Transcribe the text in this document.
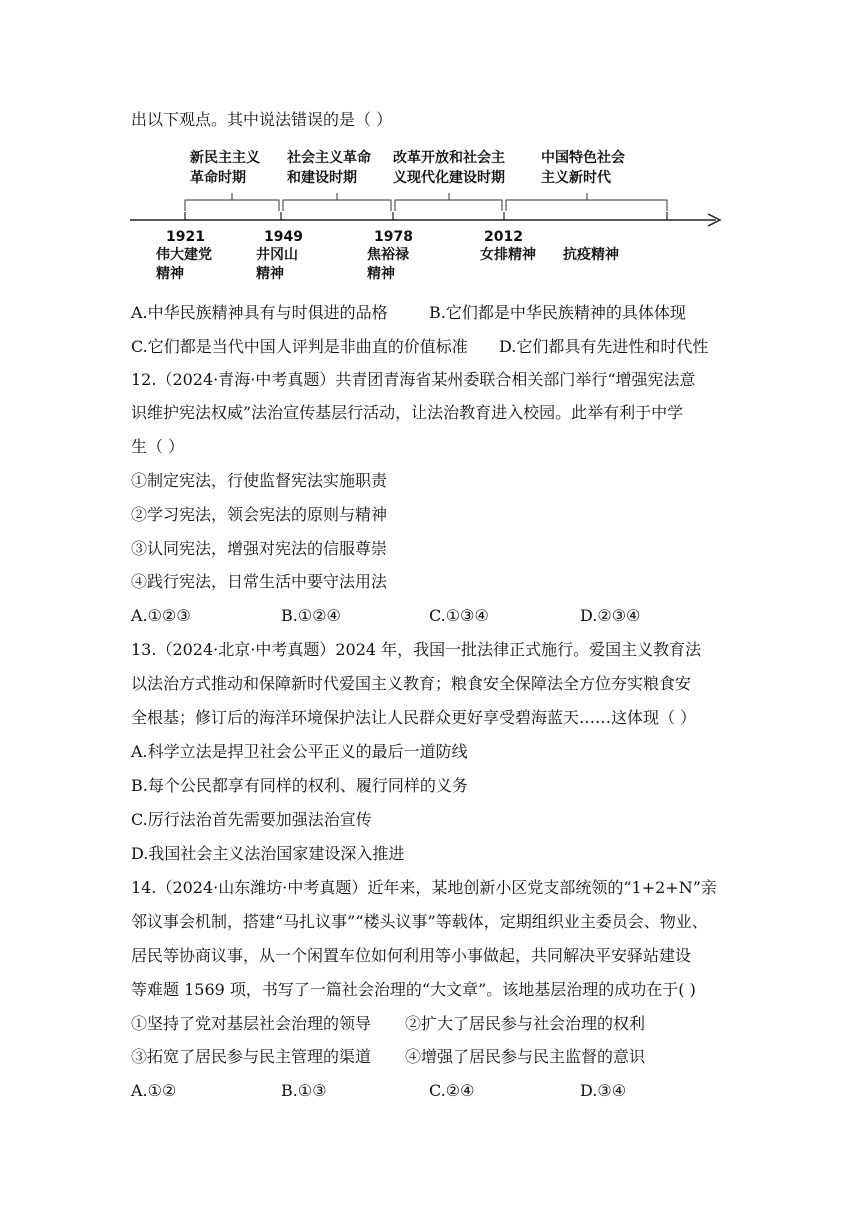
出以下观点。其中说法错误的是（ ）
新民主主义
革命时期
社会主义革命
和建设时期
改革开放和社会主
义现代化建设时期
中国特色社会
主义新时代
1921	1949	1978	2012
伟大建党
精神
井冈山
精神
焦裕禄
精神
女排精神 抗疫精神
A.中华民族精神具有与时俱进的品格	B.它们都是中华民族精神的具体体现
C.它们都是当代中国人评判是非曲直的价值标准 D.它们都具有先进性和时代性
12.（2024·青海·中考真题）共青团青海省某州委联合相关部门举行“增强宪法意
识维护宪法权威”法治宣传基层行活动，让法治教育进入校园。此举有利于中学
生（ ）
①制定宪法，行使监督宪法实施职责
②学习宪法，领会宪法的原则与精神
③认同宪法，增强对宪法的信服尊崇
④践行宪法，日常生活中要守法用法
A.①②③	B.①②④	C.①③④	D.②③④
13.（2024·北京·中考真题）2024 年，我国一批法律正式施行。爱国主义教育法
以法治方式推动和保障新时代爱国主义教育；粮食安全保障法全方位夯实粮食安
全根基；修订后的海洋环境保护法让人民群众更好享受碧海蓝天……这体现（ ）
A.科学立法是捍卫社会公平正义的最后一道防线
B.每个公民都享有同样的权利、履行同样的义务
C.厉行法治首先需要加强法治宣传
D.我国社会主义法治国家建设深入推进
14.（2024·山东潍坊·中考真题）近年来，某地创新小区党支部统领的“1+2+N”亲
邻议事会机制，搭建“马扎议事”“楼头议事”等载体，定期组织业主委员会、物业、
居民等协商议事，从一个闲置车位如何利用等小事做起，共同解决平安驿站建设
等难题 1569 项，书写了一篇社会治理的“大文章”。该地基层治理的成功在于( )
①坚持了党对基层社会治理的领导 ②扩大了居民参与社会治理的权利
③拓宽了居民参与民主管理的渠道 ④增强了居民参与民主监督的意识
A.①②	B.①③	C.②④	D.③④
